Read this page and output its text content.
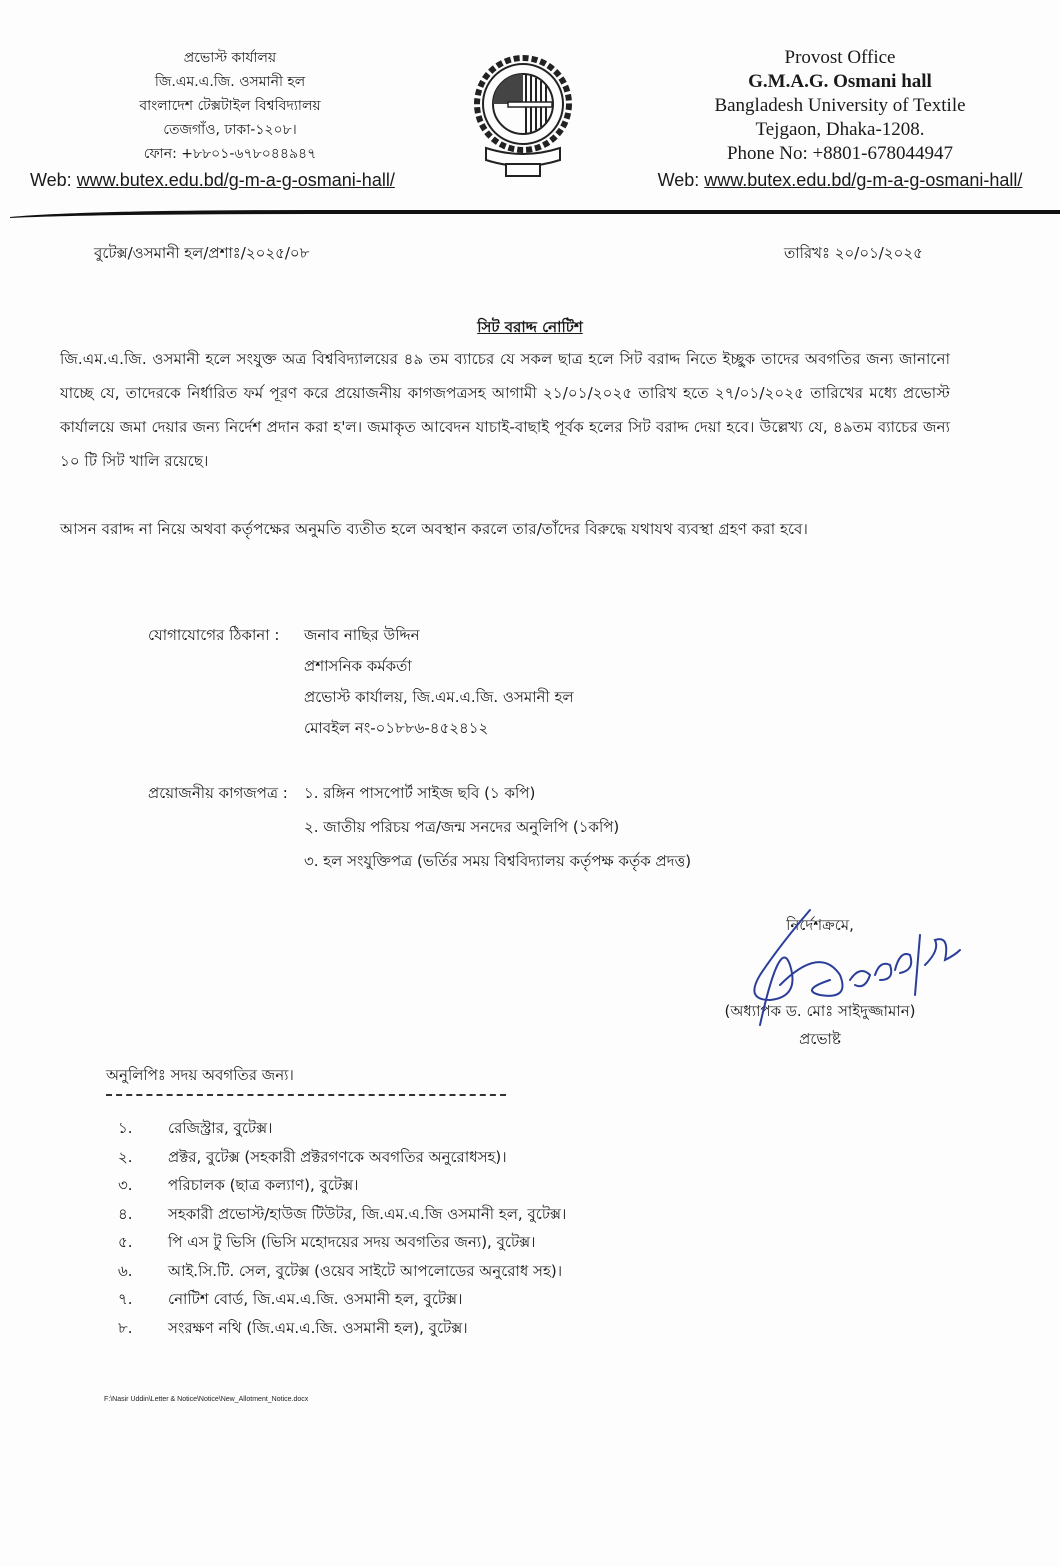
প্রভোস্ট কার্যালয়
জি.এম.এ.জি. ওসমানী হল
বাংলাদেশ টেক্সটাইল বিশ্ববিদ্যালয়
তেজগাঁও, ঢাকা-১২০৮।
ফোন: +৮৮০১-৬৭৮০৪৪৯৪৭
Web: www.butex.edu.bd/g-m-a-g-osmani-hall/
Provost Office
G.M.A.G. Osmani hall
Bangladesh University of Textile
Tejgaon, Dhaka-1208.
Phone No: +8801-678044947
Web: www.butex.edu.bd/g-m-a-g-osmani-hall/
বুটেক্স/ওসমানী হল/প্রশাঃ/২০২৫/০৮	তারিখঃ ২০/০১/২০২৫
সিট বরাদ্দ নোটিশ
জি.এম.এ.জি. ওসমানী হলে সংযুক্ত অত্র বিশ্ববিদ্যালয়ের ৪৯ তম ব্যাচের যে সকল ছাত্র হলে সিট বরাদ্দ নিতে ইচ্ছুক তাদের অবগতির জন্য জানানো যাচ্ছে যে, তাদেরকে নির্ধারিত ফর্ম পূরণ করে প্রয়োজনীয় কাগজপত্রসহ আগামী ২১/০১/২০২৫ তারিখ হতে ২৭/০১/২০২৫ তারিখের মধ্যে প্রভোস্ট কার্যালয়ে জমা দেয়ার জন্য নির্দেশ প্রদান করা হ'ল। জমাকৃত আবেদন যাচাই-বাছাই পূর্বক হলের সিট বরাদ্দ দেয়া হবে। উল্লেখ্য যে, ৪৯তম ব্যাচের জন্য ১০ টি সিট খালি রয়েছে।
আসন বরাদ্দ না নিয়ে অথবা কর্তৃপক্ষের অনুমতি ব্যতীত হলে অবস্থান করলে তার/তাঁদের বিরুদ্ধে যথাযথ ব্যবস্থা গ্রহণ করা হবে।
যোগাযোগের ঠিকানা :	জনাব নাছির উদ্দিন
প্রশাসনিক কর্মকর্তা
প্রভোস্ট কার্যালয়, জি.এম.এ.জি. ওসমানী হল
মোবইল নং-০১৮৮৬-৪৫২৪১২
প্রয়োজনীয় কাগজপত্র : ১. রঙ্গিন পাসপোর্ট সাইজ ছবি (১ কপি)
২. জাতীয় পরিচয় পত্র/জন্ম সনদের অনুলিপি (১কপি)
৩. হল সংযুক্তিপত্র (ভর্তির সময় বিশ্ববিদ্যালয় কর্তৃপক্ষ কর্তৃক প্রদত্ত)
নির্দেশক্রমে,
(অধ্যাপক ড. মোঃ সাইদুজ্জামান)
প্রভোষ্ট
অনুলিপিঃ সদয় অবগতির জন্য।
১.	রেজিস্ট্রার, বুটেক্স।
২.	প্রক্টর, বুটেক্স (সহকারী প্রক্টরগণকে অবগতির অনুরোধসহ)।
৩.	পরিচালক (ছাত্র কল্যাণ), বুটেক্স।
৪.	সহকারী প্রভোস্ট/হাউজ টিউটর, জি.এম.এ.জি ওসমানী হল, বুটেক্স।
৫.	পি এস টু ভিসি (ভিসি মহোদয়ের সদয় অবগতির জন্য), বুটেক্স।
৬.	আই.সি.টি. সেল, বুটেক্স (ওয়েব সাইটে আপলোডের অনুরোধ সহ)।
৭.	নোটিশ বোর্ড, জি.এম.এ.জি. ওসমানী হল, বুটেক্স।
৮.	সংরক্ষণ নথি (জি.এম.এ.জি. ওসমানী হল), বুটেক্স।
F:\Nasir Uddin\Letter & Notice\Notice\New_Allotment_Notice.docx
